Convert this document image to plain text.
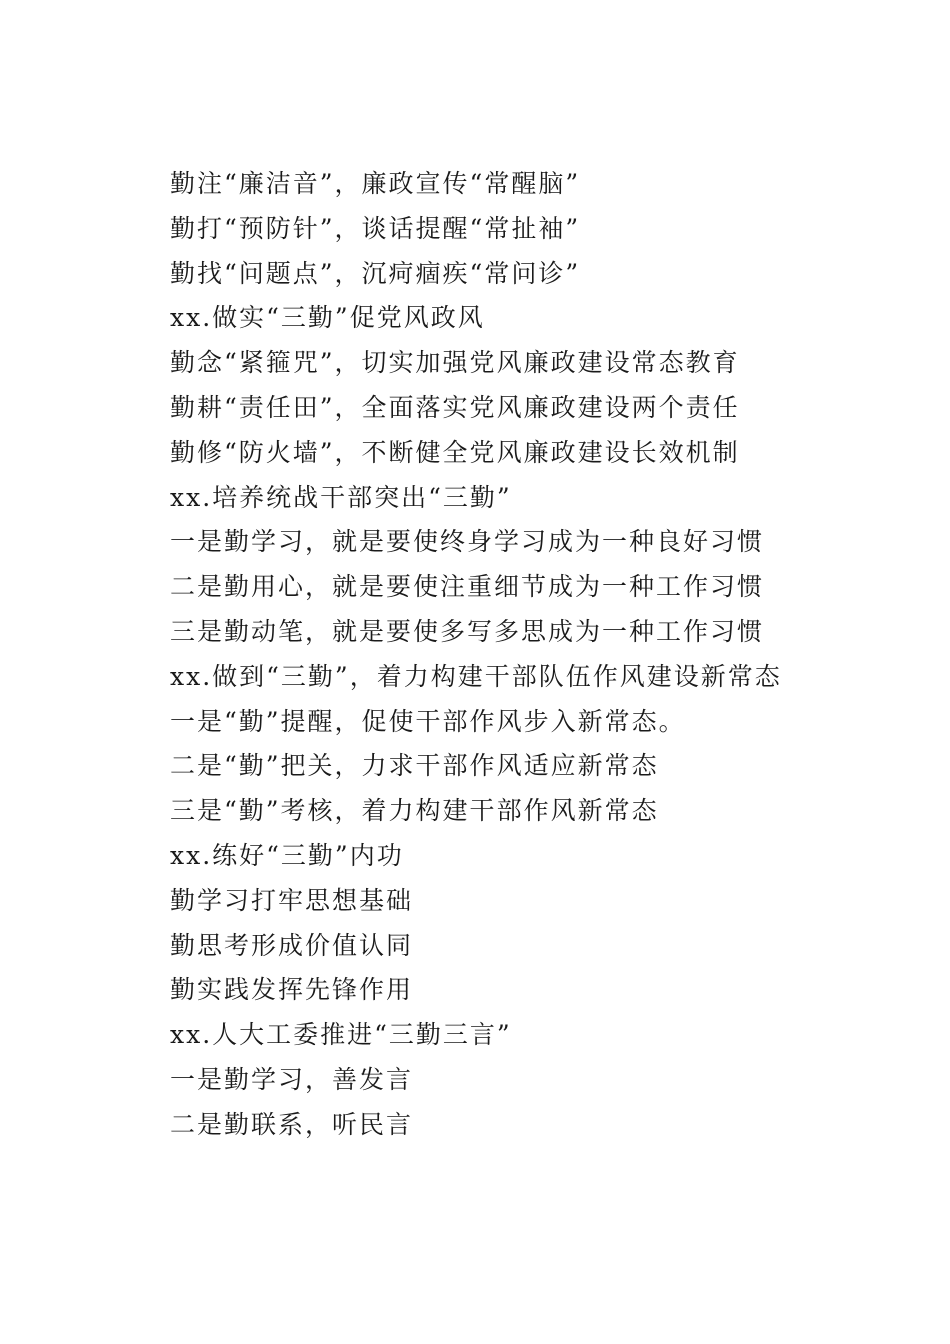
勤注“廉洁音”，廉政宣传“常醒脑”
勤打“预防针”，谈话提醒“常扯袖”
勤找“问题点”，沉疴痼疾“常问诊”
xx.做实“三勤”促党风政风
勤念“紧箍咒”，切实加强党风廉政建设常态教育
勤耕“责任田”，全面落实党风廉政建设两个责任
勤修“防火墙”，不断健全党风廉政建设长效机制
xx.培养统战干部突出“三勤”
一是勤学习，就是要使终身学习成为一种良好习惯
二是勤用心，就是要使注重细节成为一种工作习惯
三是勤动笔，就是要使多写多思成为一种工作习惯
xx.做到“三勤”，着力构建干部队伍作风建设新常态
一是“勤”提醒，促使干部作风步入新常态。
二是“勤”把关，力求干部作风适应新常态
三是“勤”考核，着力构建干部作风新常态
xx.练好“三勤”内功
勤学习打牢思想基础
勤思考形成价值认同
勤实践发挥先锋作用
xx.人大工委推进“三勤三言”
一是勤学习，善发言
二是勤联系，听民言
